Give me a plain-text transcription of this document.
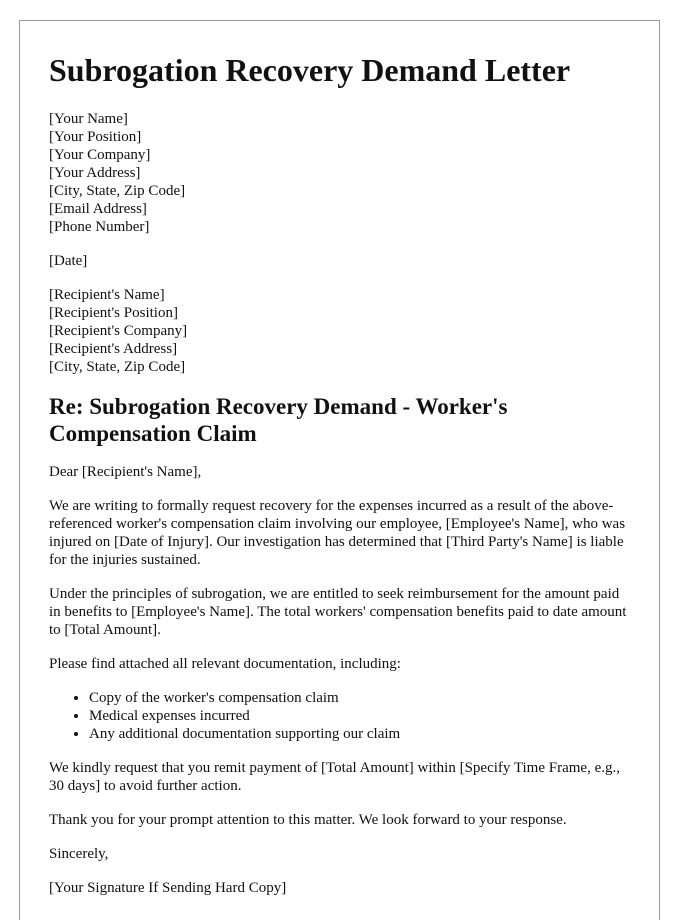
Subrogation Recovery Demand Letter
[Your Name]
[Your Position]
[Your Company]
[Your Address]
[City, State, Zip Code]
[Email Address]
[Phone Number]
[Date]
[Recipient's Name]
[Recipient's Position]
[Recipient's Company]
[Recipient's Address]
[City, State, Zip Code]
Re: Subrogation Recovery Demand - Worker's Compensation Claim

Dear [Recipient's Name],

We are writing to formally request recovery for the expenses incurred as a result of the above-referenced worker's compensation claim involving our employee, [Employee's Name], who was injured on [Date of Injury]. Our investigation has determined that [Third Party's Name] is liable for the injuries sustained.

Under the principles of subrogation, we are entitled to seek reimbursement for the amount paid in benefits to [Employee's Name]. The total workers' compensation benefits paid to date amount to [Total Amount].

Please find attached all relevant documentation, including:

• Copy of the worker's compensation claim
• Medical expenses incurred
• Any additional documentation supporting our claim

We kindly request that you remit payment of [Total Amount] within [Specify Time Frame, e.g., 30 days] to avoid further action.

Thank you for your prompt attention to this matter. We look forward to your response.

Sincerely,

[Your Signature If Sending Hard Copy]
